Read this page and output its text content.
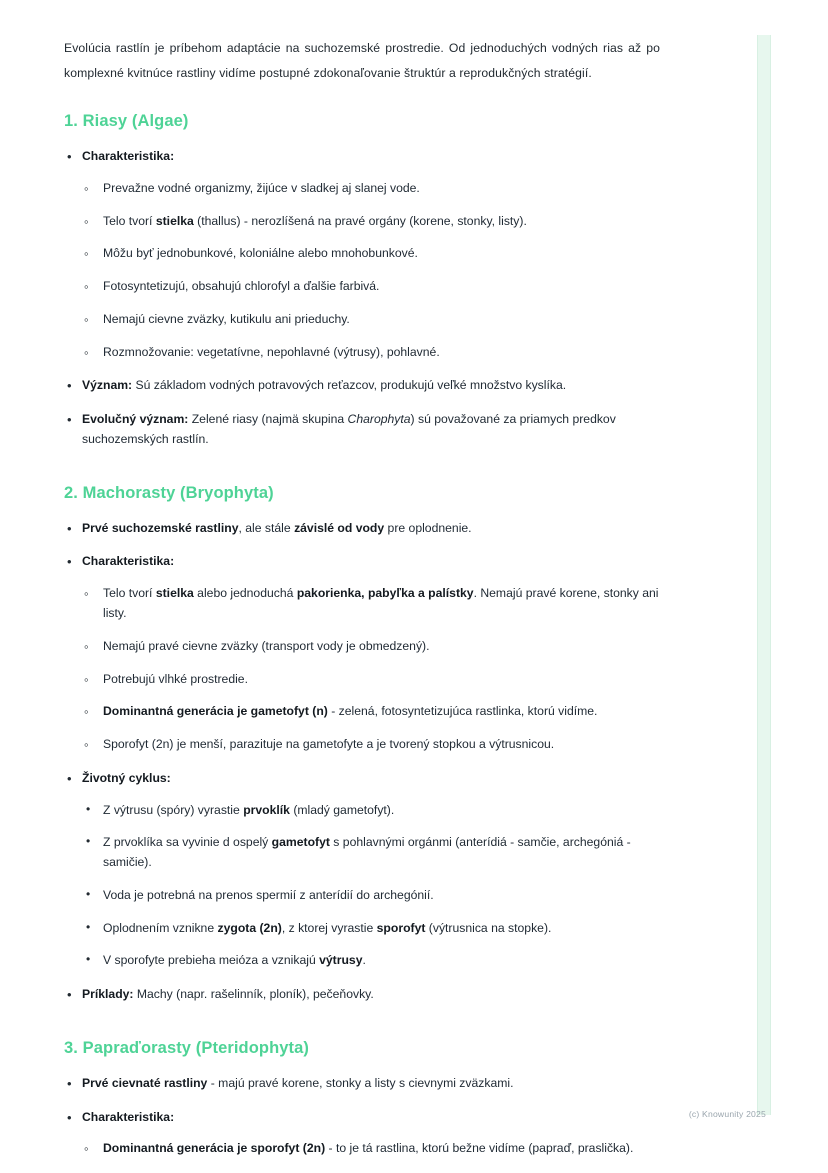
Evolúcia rastlín je príbehom adaptácie na suchozemské prostredie. Od jednoduchých vodných rias až po komplexné kvitnúce rastliny vidíme postupné zdokonaľovanie štruktúr a reprodukčných stratégií.

1. Riasy (Algae)
• Charakteristika:
◦ Prevažne vodné organizmy, žijúce v sladkej aj slanej vode.
◦ Telo tvorí stielka (thallus) - nerozlíšená na pravé orgány (korene, stonky, listy).
◦ Môžu byť jednobunkové, koloniálne alebo mnohobunkové.
◦ Fotosyntetizujú, obsahujú chlorofyl a ďalšie farbivá.
◦ Nemajú cievne zväzky, kutikulu ani prieduchy.
◦ Rozmnožovanie: vegetatívne, nepohlavné (výtrusy), pohlavné.
• Význam: Sú základom vodných potravových reťazcov, produkujú veľké množstvo kyslíka.
• Evolučný význam: Zelené riasy (najmä skupina Charophyta) sú považované za priamych predkov suchozemských rastlín.
2. Machorasty (Bryophyta)
• Prvé suchozemské rastliny, ale stále závislé od vody pre oplodnenie.
• Charakteristika:
◦ Telo tvorí stielka alebo jednoduchá pakorienka, pabyľka a palístky. Nemajú pravé korene, stonky ani listy.
◦ Nemajú pravé cievne zväzky (transport vody je obmedzený).
◦ Potrebujú vlhké prostredie.
◦ Dominantná generácia je gametofyt (n) - zelená, fotosyntetizujúca rastlinka, ktorú vidíme.
◦ Sporofyt (2n) je menší, parazituje na gametofyte a je tvorený stopkou a výtrusnicou.
• Životný cyklus:
• Z výtrusu (spóry) vyrastie prvoklík (mladý gametofyt).
• Z prvoklíka sa vyvinie d ospelý gametofyt s pohlavnými orgánmi (anterídiá - samčie, archegóniá - samičie).
• Voda je potrebná na prenos spermií z anterídií do archegónií.
• Oplodnením vznikne zygota (2n), z ktorej vyrastie sporofyt (výtrusnica na stopke).
• V sporofyte prebieha meióza a vznikajú výtrusy.
• Príklady: Machy (napr. rašelinník, ploník), pečeňovky.
3. Papraďorasty (Pteridophyta)
• Prvé cievnaté rastliny - majú pravé korene, stonky a listy s cievnymi zväzkami.
• Charakteristika:
◦ Dominantná generácia je sporofyt (2n) - to je tá rastlina, ktorú bežne vidíme (papraď, praslička).
(c) Knowunity 2025
